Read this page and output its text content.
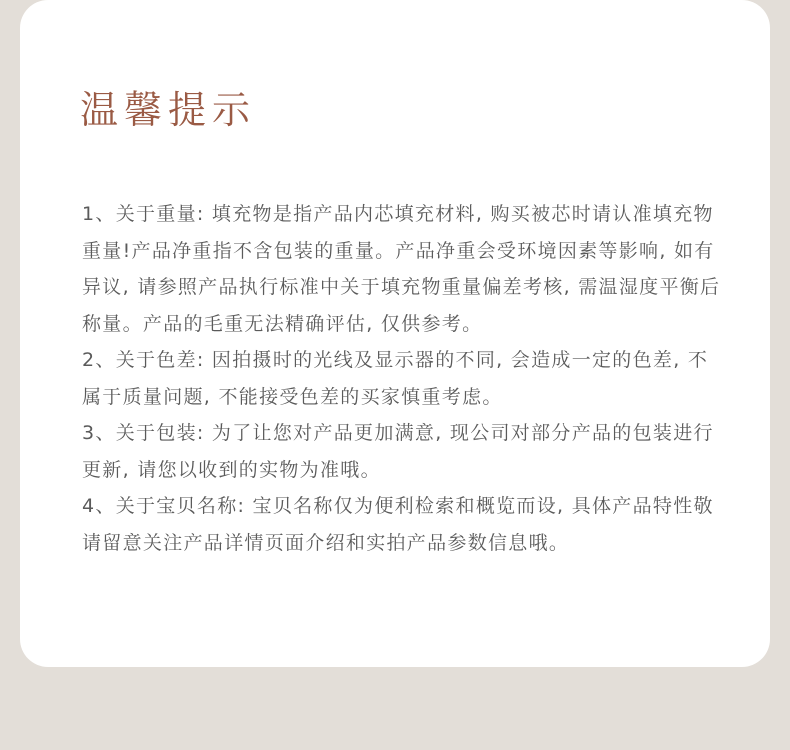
温馨提示

1、关于重量: 填充物是指产品内芯填充材料, 购买被芯时请认准填充物重量!产品净重指不含包装的重量。产品净重会受环境因素等影响, 如有异议, 请参照产品执行标准中关于填充物重量偏差考核, 需温湿度平衡后称量。产品的毛重无法精确评估, 仅供参考。

2、关于色差: 因拍摄时的光线及显示器的不同, 会造成一定的色差, 不属于质量问题, 不能接受色差的买家慎重考虑。

3、关于包装: 为了让您对产品更加满意, 现公司对部分产品的包装进行更新, 请您以收到的实物为准哦。

4、关于宝贝名称: 宝贝名称仅为便利检索和概览而设, 具体产品特性敬请留意关注产品详情页面介绍和实拍产品参数信息哦。
